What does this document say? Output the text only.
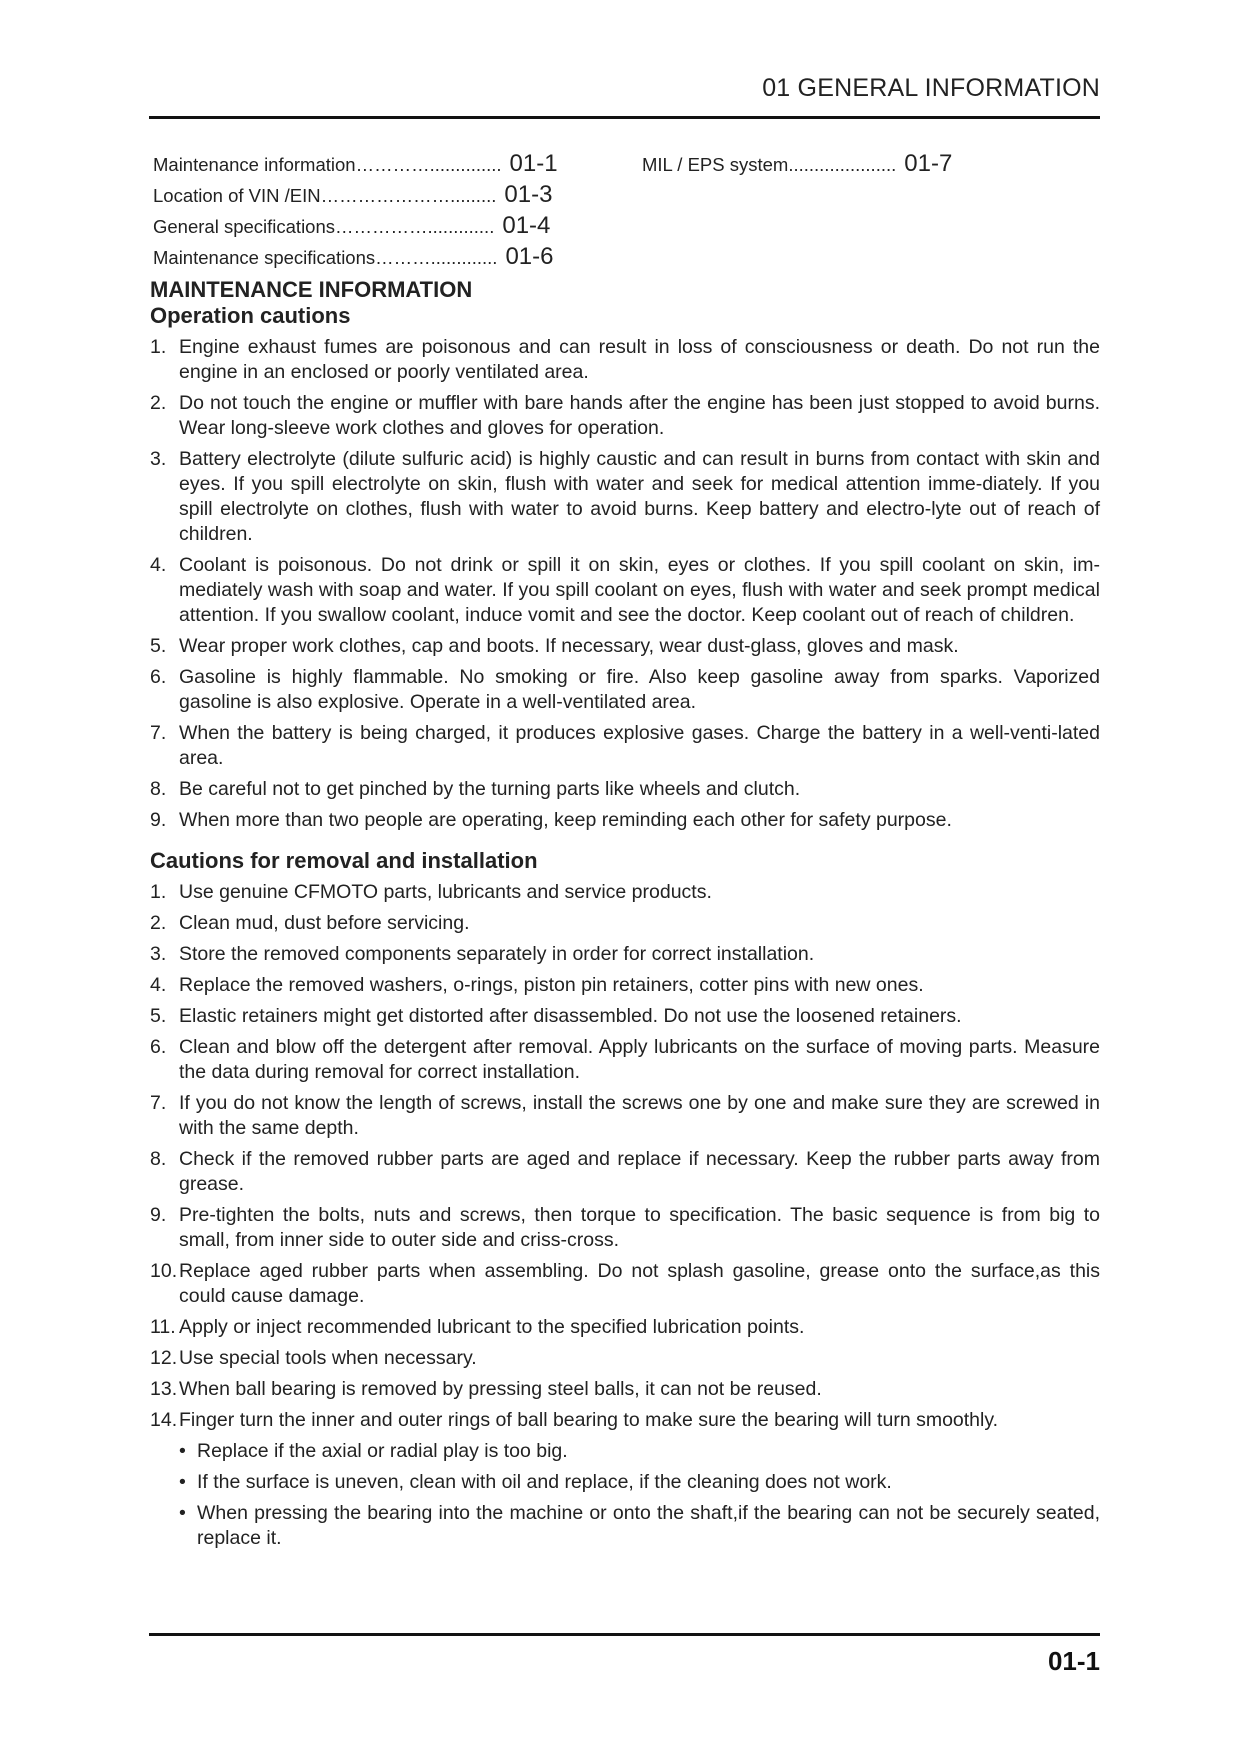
01 GENERAL INFORMATION
Maintenance information………….............. 01-1
Location of VIN /EIN…………………......... 01-3
General specifications……………............. 01-4
Maintenance specifications………............. 01-6
MIL / EPS system..................... 01-7
MAINTENANCE INFORMATION
Operation cautions
1. Engine exhaust fumes are poisonous and can result in loss of consciousness or death. Do not run the engine in an enclosed or poorly ventilated area.
2. Do not touch the engine or muffler with bare hands after the engine has been just stopped to avoid burns. Wear long-sleeve work clothes and gloves for operation.
3. Battery electrolyte (dilute sulfuric acid) is highly caustic and can result in burns from contact with skin and eyes. If you spill electrolyte on skin, flush with water and seek for medical attention imme-diately. If you spill electrolyte on clothes, flush with water to avoid burns. Keep battery and electro-lyte out of reach of children.
4. Coolant is poisonous. Do not drink or spill it on skin, eyes or clothes. If you spill coolant on skin, im-mediately wash with soap and water. If you spill coolant on eyes, flush with water and seek prompt medical attention. If you swallow coolant, induce vomit and see the doctor. Keep coolant out of reach of children.
5. Wear proper work clothes, cap and boots. If necessary, wear dust-glass, gloves and mask.
6. Gasoline is highly flammable. No smoking or fire. Also keep gasoline away from sparks. Vaporized gasoline is also explosive. Operate in a well-ventilated area.
7. When the battery is being charged, it produces explosive gases. Charge the battery in a well-venti-lated area.
8. Be careful not to get pinched by the turning parts like wheels and clutch.
9. When more than two people are operating, keep reminding each other for safety purpose.
Cautions for removal and installation
1. Use genuine CFMOTO parts, lubricants and service products.
2. Clean mud, dust before servicing.
3. Store the removed components separately in order for correct installation.
4. Replace the removed washers, o-rings, piston pin retainers, cotter pins with new ones.
5. Elastic retainers might get distorted after disassembled. Do not use the loosened retainers.
6. Clean and blow off the detergent after removal. Apply lubricants on the surface of moving parts. Measure the data during removal for correct installation.
7. If you do not know the length of screws, install the screws one by one and make sure they are screwed in with the same depth.
8. Check if the removed rubber parts are aged and replace if necessary. Keep the rubber parts away from grease.
9. Pre-tighten the bolts, nuts and screws, then torque to specification. The basic sequence is from big to small, from inner side to outer side and criss-cross.
10. Replace aged rubber parts when assembling. Do not splash gasoline, grease onto the surface,as this could cause damage.
11. Apply or inject recommended lubricant to the specified lubrication points.
12. Use special tools when necessary.
13. When ball bearing is removed by pressing steel balls, it can not be reused.
14. Finger turn the inner and outer rings of ball bearing to make sure the bearing will turn smoothly.
• Replace if the axial or radial play is too big.
• If the surface is uneven, clean with oil and replace, if the cleaning does not work.
• When pressing the bearing into the machine or onto the shaft,if the bearing can not be securely seated, replace it.
01-1
